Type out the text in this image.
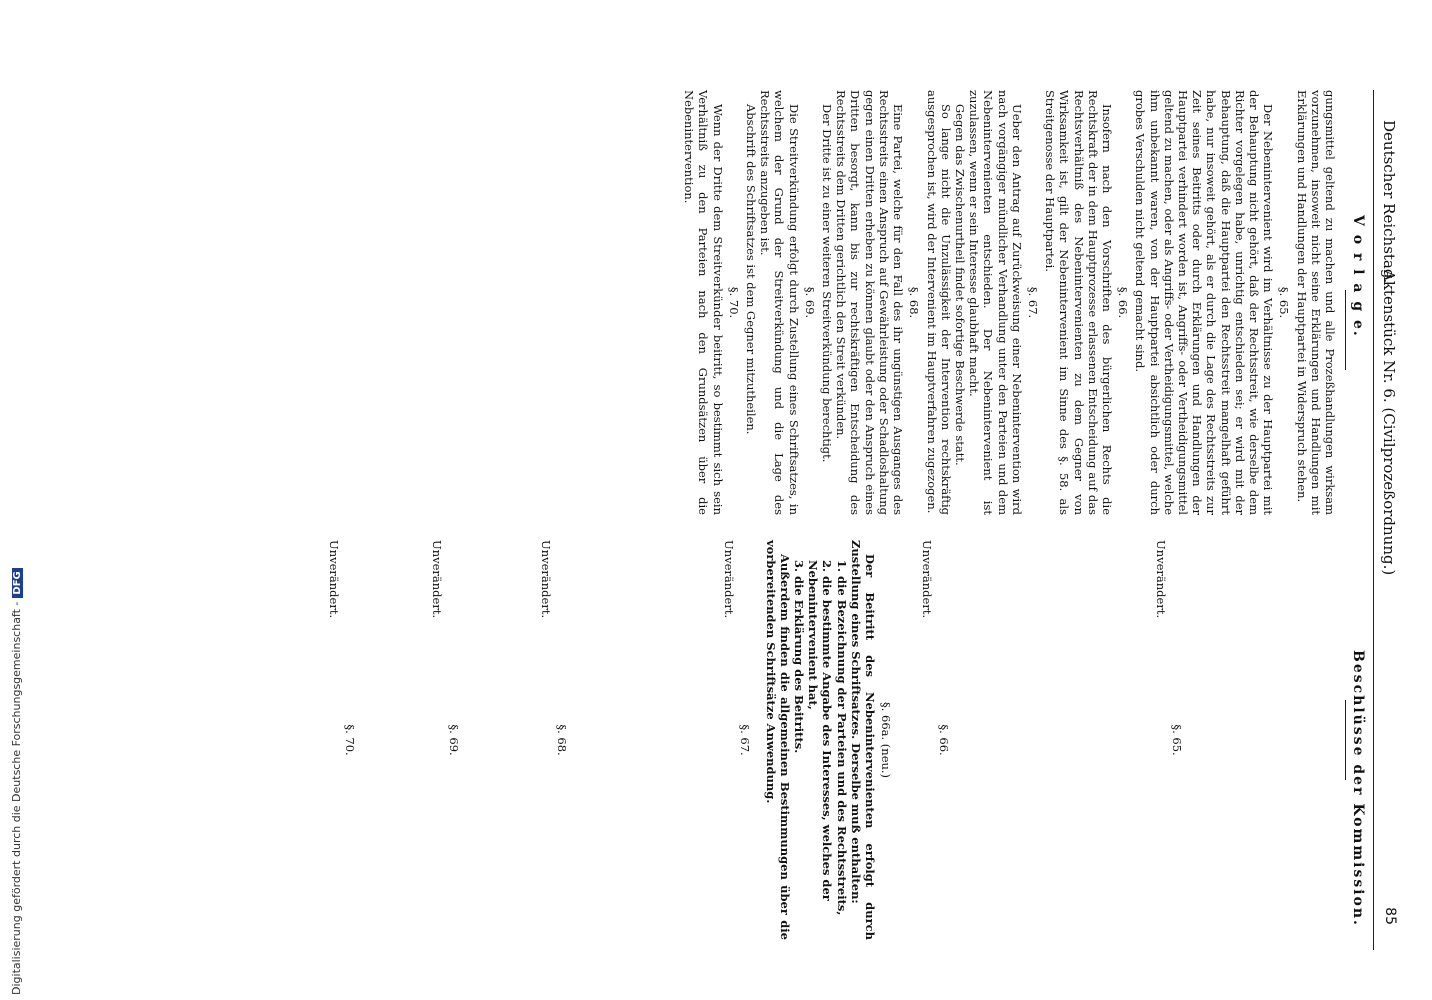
Deutscher Reichstag.
Aktenstück Nr. 6. (Civilprozeßordnung.)
85
V o r l a g e.
Beschlüsse der Kommission.

gungsmittel geltend zu machen und alle Prozeßhandlungen wirksam vorzunehmen, insoweit nicht seine Erklärungen und Handlungen mit Erklärungen und Handlungen der Hauptpartei in Widerspruch stehen.

§. 65.

Der Nebenintervenient wird im Verhältnisse zu der Hauptpartei mit der Behauptung nicht gehört, daß der Rechtsstreit, wie derselbe dem Richter vorgelegen habe, unrichtig entschieden sei; er wird mit der Behauptung, daß die Hauptpartei den Rechtsstreit mangelhaft geführt habe, nur insoweit gehört, als er durch die Lage des Rechtsstreits zur Zeit seines Beitritts oder durch Erklärungen und Handlungen der Hauptpartei verhindert worden ist, Angriffs- oder Vertheidigungsmittel geltend zu machen, oder als Angriffs- oder Vertheidigungsmittel, welche ihm unbekannt waren, von der Hauptpartei absichtlich oder durch grobes Verschulden nicht geltend gemacht sind.

§. 66.

Insofern nach den Vorschriften des bürgerlichen Rechts die Rechtskraft der in dem Hauptprozesse erlassenen Entscheidung auf das Rechtsverhältniß des Nebenintervenienten zu dem Gegner von Wirksamkeit ist, gilt der Nebenintervenient im Sinne des §. 58. als Streitgenosse der Hauptpartei.

§. 67.

Ueber den Antrag auf Zurückweisung einer Nebenintervention wird nach vorgängiger mündlicher Verhandlung unter den Parteien und dem Nebenintervenienten entschieden. Der Nebenintervenient ist zuzulassen, wenn er sein Interesse glaubhaft macht.

Gegen das Zwischenurtheil findet sofortige Beschwerde statt.

So lange nicht die Unzulässigkeit der Intervention rechtskräftig ausgesprochen ist, wird der Intervenient im Hauptverfahren zugezogen.

§. 68.

Eine Partei, welche für den Fall des ihr ungünstigen Ausganges des Rechtsstreits einen Anspruch auf Gewährleistung oder Schadloshaltung gegen einen Dritten erheben zu können glaubt oder den Anspruch eines Dritten besorgt, kann bis zur rechtskräftigen Entscheidung des Rechtsstreits dem Dritten gerichtlich den Streit verkünden.

Der Dritte ist zu einer weiteren Streitverkündung berechtigt.

§. 69.

Die Streitverkündung erfolgt durch Zustellung eines Schriftsatzes, in welchem der Grund der Streitverkündung und die Lage des Rechtsstreits anzugeben ist.

Abschrift des Schriftsatzes ist dem Gegner mitzutheilen.

§. 70.

Wenn der Dritte dem Streitverkünder beitritt, so bestimmt sich sein Verhältniß zu den Parteien nach den Grundsätzen über die Nebenintervention.

§. 65.

Unverändert.

§. 66.

Unverändert.

§. 66a. (neu.)

Der Beitritt des Nebenintervenienten erfolgt durch Zustellung eines Schriftsatzes. Derselbe muß enthalten:

1. die Bezeichnung der Parteien und des Rechtsstreits,
2. die bestimmte Angabe des Interesses, welches der Nebenintervenient hat,
3. die Erklärung des Beitritts.

Außerdem finden die allgemeinen Bestimmungen über die vorbereitenden Schriftsätze Anwendung.

§. 67.

Unverändert.

§. 68.

Unverändert.

§. 69.

Unverändert.

§. 70.

Unverändert.

Digitalisierung gefördert durch die Deutsche Forschungsgemeinschaft -DFG
